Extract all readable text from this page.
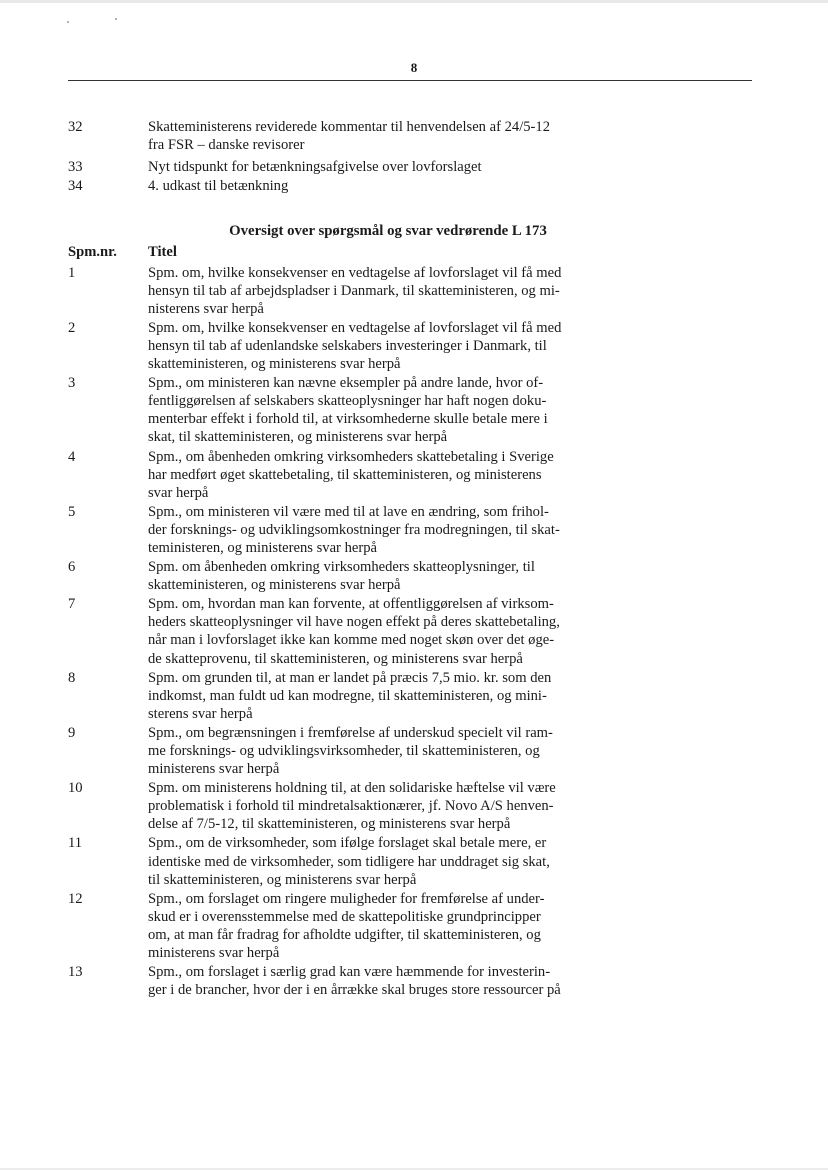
8
32	Skatteministerens reviderede kommentar til henvendelsen af 24/5-12
fra FSR – danske revisorer
33	Nyt tidspunkt for betænkningsafgivelse over lovforslaget
34	4. udkast til betænkning
Oversigt over spørgsmål og svar vedrørende L 173
Spm.nr.	Titel
1	Spm. om, hvilke konsekvenser en vedtagelse af lovforslaget vil få med
hensyn til tab af arbejdspladser i Danmark, til skatteministeren, og mi-
nisterens svar herpå
2	Spm. om, hvilke konsekvenser en vedtagelse af lovforslaget vil få med
hensyn til tab af udenlandske selskabers investeringer i Danmark, til
skatteministeren, og ministerens svar herpå
3	Spm., om ministeren kan nævne eksempler på andre lande, hvor of-
fentliggørelsen af selskabers skatteoplysninger har haft nogen doku-
menterbar effekt i forhold til, at virksomhederne skulle betale mere i
skat, til skatteministeren, og ministerens svar herpå
4	Spm., om åbenheden omkring virksomheders skattebetaling i Sverige
har medført øget skattebetaling, til skatteministeren, og ministerens
svar herpå
5	Spm., om ministeren vil være med til at lave en ændring, som frihol-
der forsknings- og udviklingsomkostninger fra modregningen, til skat-
teministeren, og ministerens svar herpå
6	Spm. om åbenheden omkring virksomheders skatteoplysninger, til
skatteministeren, og ministerens svar herpå
7	Spm. om, hvordan man kan forvente, at offentliggørelsen af virksom-
heders skatteoplysninger vil have nogen effekt på deres skattebetaling,
når man i lovforslaget ikke kan komme med noget skøn over det øge-
de skatteprovenu, til skatteministeren, og ministerens svar herpå
8	Spm. om grunden til, at man er landet på præcis 7,5 mio. kr. som den
indkomst, man fuldt ud kan modregne, til skatteministeren, og mini-
sterens svar herpå
9	Spm., om begrænsningen i fremførelse af underskud specielt vil ram-
me forsknings- og udviklingsvirksomheder, til skatteministeren, og
ministerens svar herpå
10	Spm. om ministerens holdning til, at den solidariske hæftelse vil være
problematisk i forhold til mindretalsaktionærer, jf. Novo A/S henven-
delse af 7/5-12, til skatteministeren, og ministerens svar herpå
11	Spm., om de virksomheder, som ifølge forslaget skal betale mere, er
identiske med de virksomheder, som tidligere har unddraget sig skat,
til skatteministeren, og ministerens svar herpå
12	Spm., om forslaget om ringere muligheder for fremførelse af under-
skud er i overensstemmelse med de skattepolitiske grundprincipper
om, at man får fradrag for afholdte udgifter, til skatteministeren, og
ministerens svar herpå
13	Spm., om forslaget i særlig grad kan være hæmmende for investerin-
ger i de brancher, hvor der i en årrække skal bruges store ressourcer på
